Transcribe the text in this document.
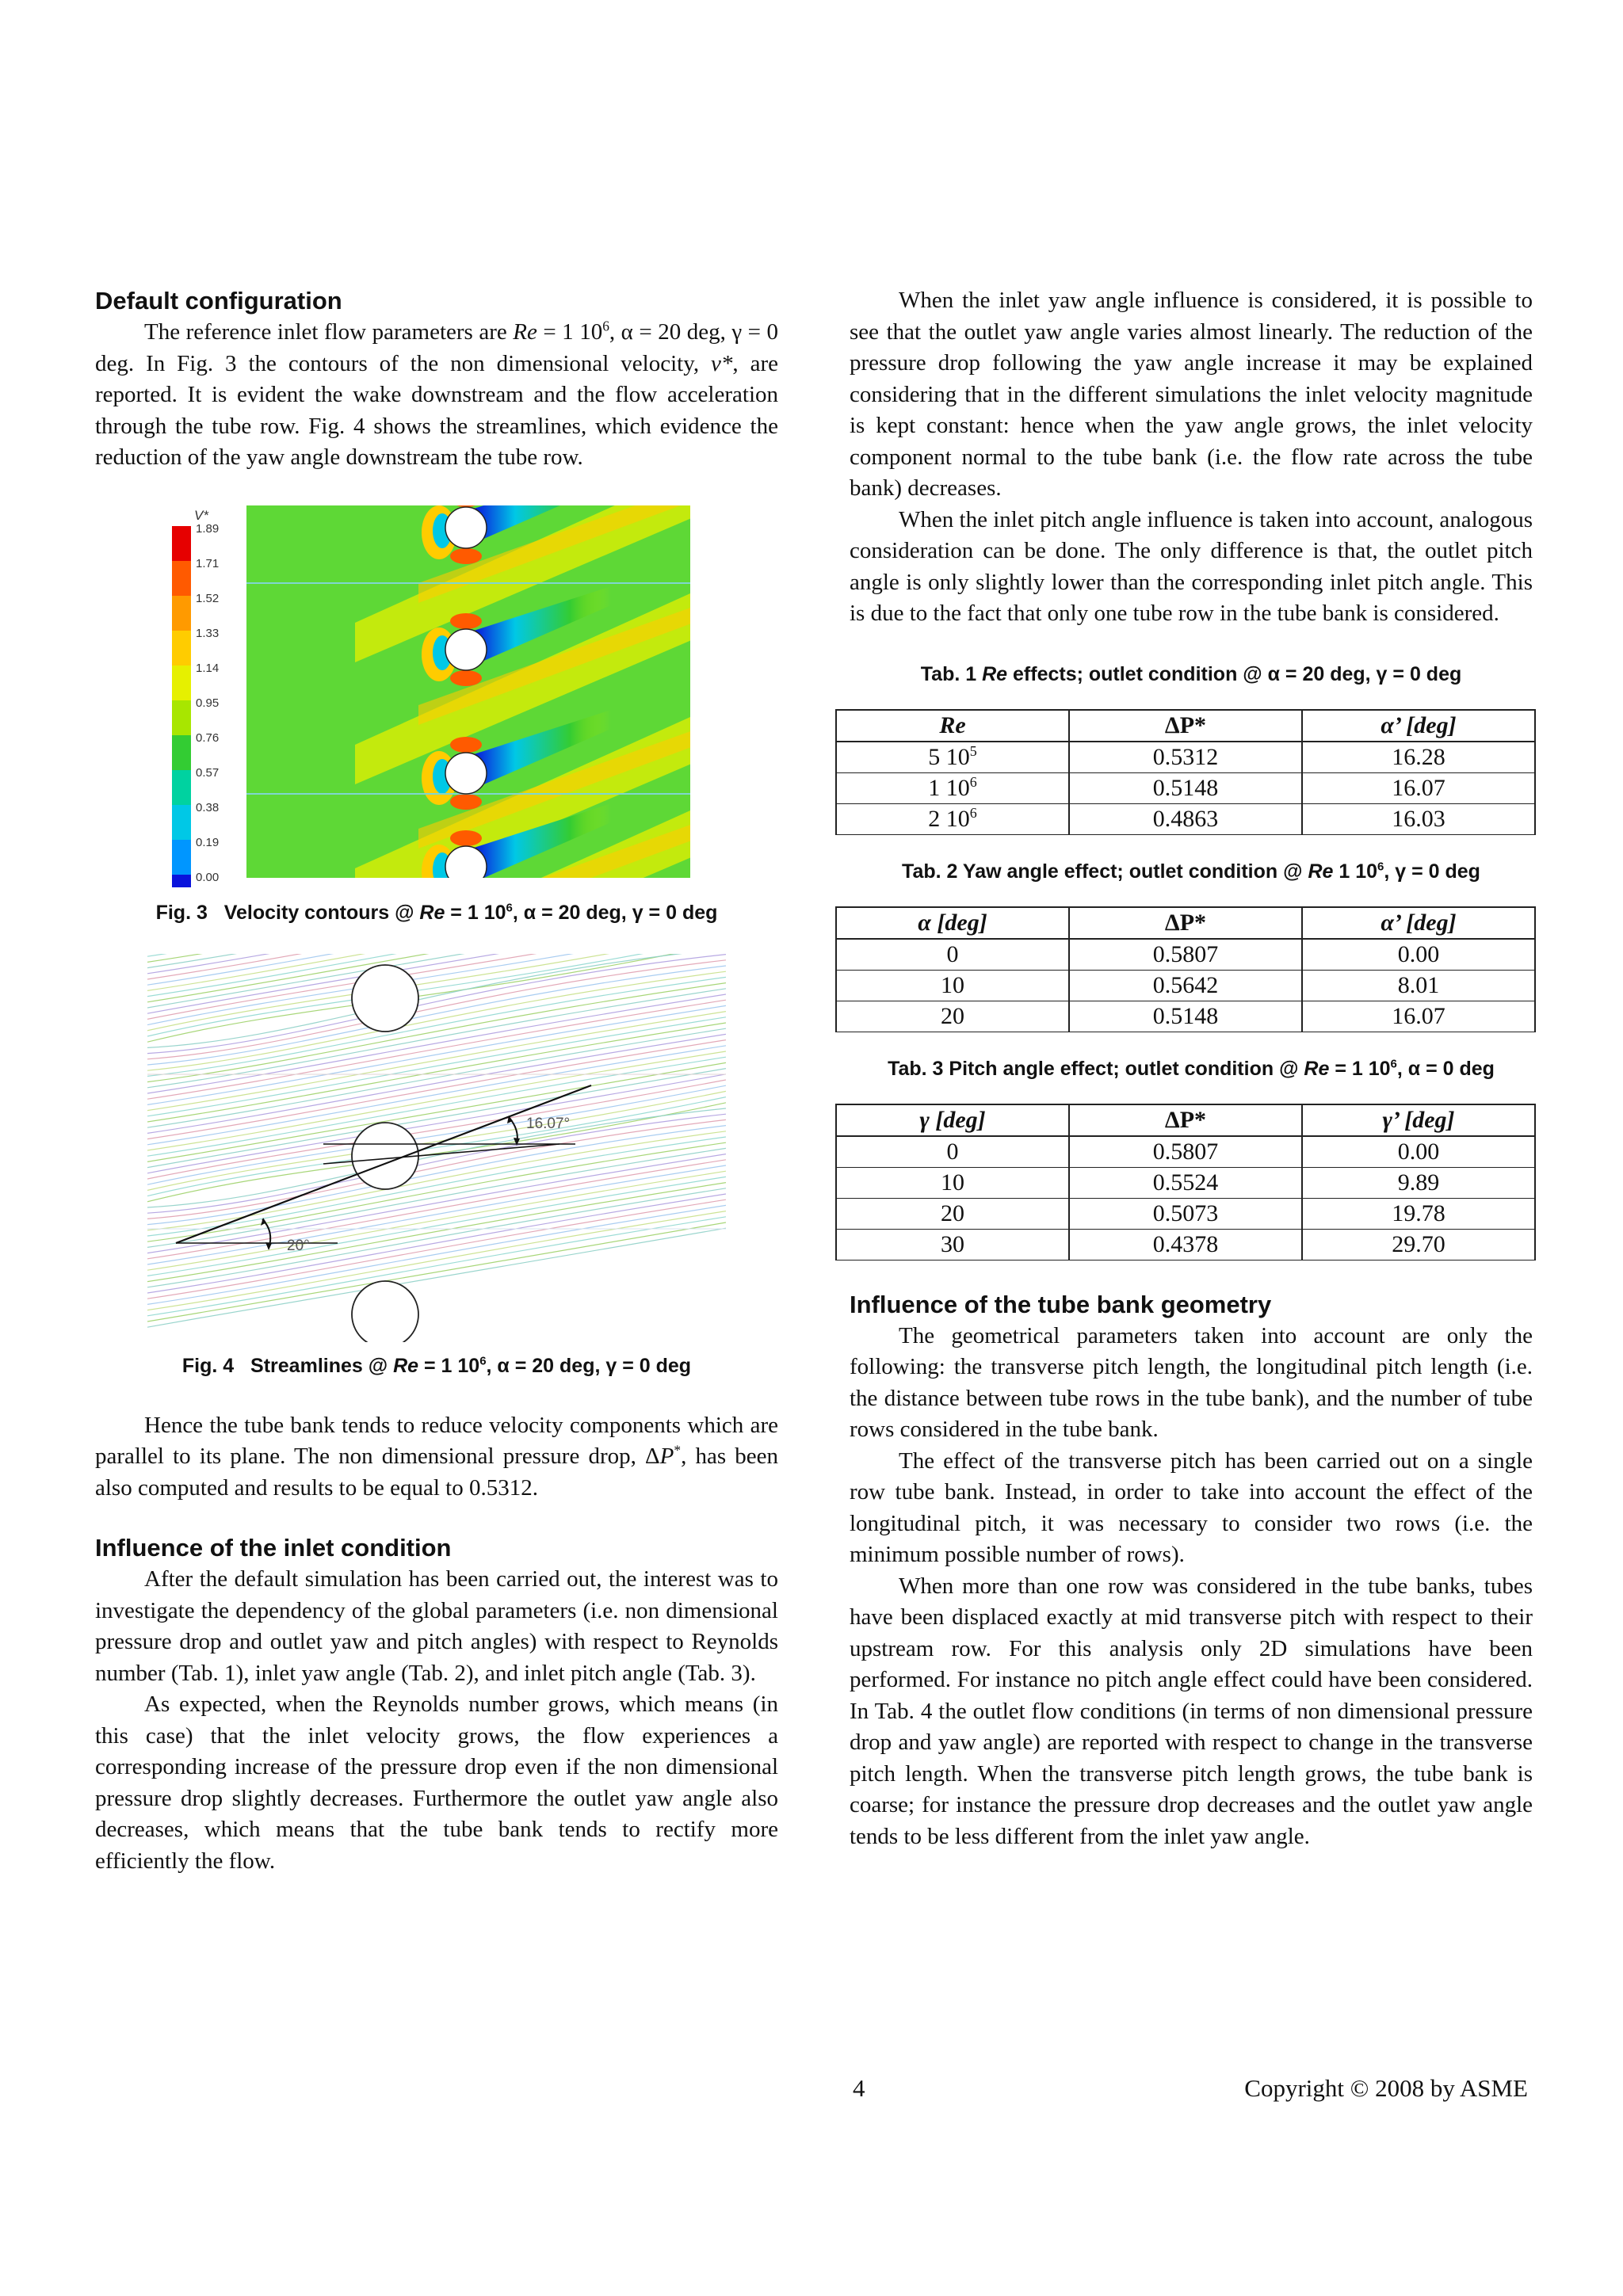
Default configuration

The reference inlet flow parameters are Re = 1 $10^6$, α = 20 deg, γ = 0 deg. In Fig. 3 the contours of the non dimensional velocity, v*, are reported. It is evident the wake downstream and the flow acceleration through the tube row. Fig. 4 shows the streamlines, which evidence the reduction of the yaw angle downstream the tube row.

V*
1.89
1.71
1.52
1.33
1.14
0.95
0.76
0.57
0.38
0.19
0.00
Fig. 3 Velocity contours @ Re = 1 $10^6$, α = 20 deg, γ = 0 deg
20°
16.07°
Fig. 4 Streamlines @ Re = 1 $10^6$, α = 20 deg, γ = 0 deg

Hence the tube bank tends to reduce velocity components which are parallel to its plane. The non dimensional pressure drop, ΔP*, has been also computed and results to be equal to 0.5312.

Influence of the inlet condition

After the default simulation has been carried out, the interest was to investigate the dependency of the global parameters (i.e. non dimensional pressure drop and outlet yaw and pitch angles) with respect to Reynolds number (Tab. 1), inlet yaw angle (Tab. 2), and inlet pitch angle (Tab. 3).

As expected, when the Reynolds number grows, which means (in this case) that the inlet velocity grows, the flow experiences a corresponding increase of the pressure drop even if the non dimensional pressure drop slightly decreases. Furthermore the outlet yaw angle also decreases, which means that the tube bank tends to rectify more efficiently the flow.

When the inlet yaw angle influence is considered, it is possible to see that the outlet yaw angle varies almost linearly. The reduction of the pressure drop following the yaw angle increase it may be explained considering that in the different simulations the inlet velocity magnitude is kept constant: hence when the yaw angle grows, the inlet velocity component normal to the tube bank (i.e. the flow rate across the tube bank) decreases.

When the inlet pitch angle influence is taken into account, analogous consideration can be done. The only difference is that, the outlet pitch angle is only slightly lower than the corresponding inlet pitch angle. This is due to the fact that only one tube row in the tube bank is considered.

Tab. 1 Re effects; outlet condition @ α = 20 deg, γ = 0 deg
Re	ΔP*	α’ [deg]
5 $10^5$	0.5312	16.28
1 $10^6$	0.5148	16.07
2 $10^6$	0.4863	16.03
Tab. 2 Yaw angle effect; outlet condition @ Re 1 $10^6$, γ = 0 deg
α [deg]	ΔP*	α’ [deg]
0	0.5807	0.00
10	0.5642	8.01
20	0.5148	16.07
Tab. 3 Pitch angle effect; outlet condition @ Re = 1 $10^6$, α = 0 deg
γ [deg]	ΔP*	γ’ [deg]
0	0.5807	0.00
10	0.5524	9.89
20	0.5073	19.78
30	0.4378	29.70
Influence of the tube bank geometry

The geometrical parameters taken into account are only the following: the transverse pitch length, the longitudinal pitch length (i.e. the distance between tube rows in the tube bank), and the number of tube rows considered in the tube bank.

The effect of the transverse pitch has been carried out on a single row tube bank. Instead, in order to take into account the effect of the longitudinal pitch, it was necessary to consider two rows (i.e. the minimum possible number of rows).

When more than one row was considered in the tube banks, tubes have been displaced exactly at mid transverse pitch with respect to their upstream row. For this analysis only 2D simulations have been performed. For instance no pitch angle effect could have been considered. In Tab. 4 the outlet flow conditions (in terms of non dimensional pressure drop and yaw angle) are reported with respect to change in the transverse pitch length. When the transverse pitch length grows, the tube bank is coarse; for instance the pressure drop decreases and the outlet yaw angle tends to be less different from the inlet yaw angle.

4	Copyright © 2008 by ASME
